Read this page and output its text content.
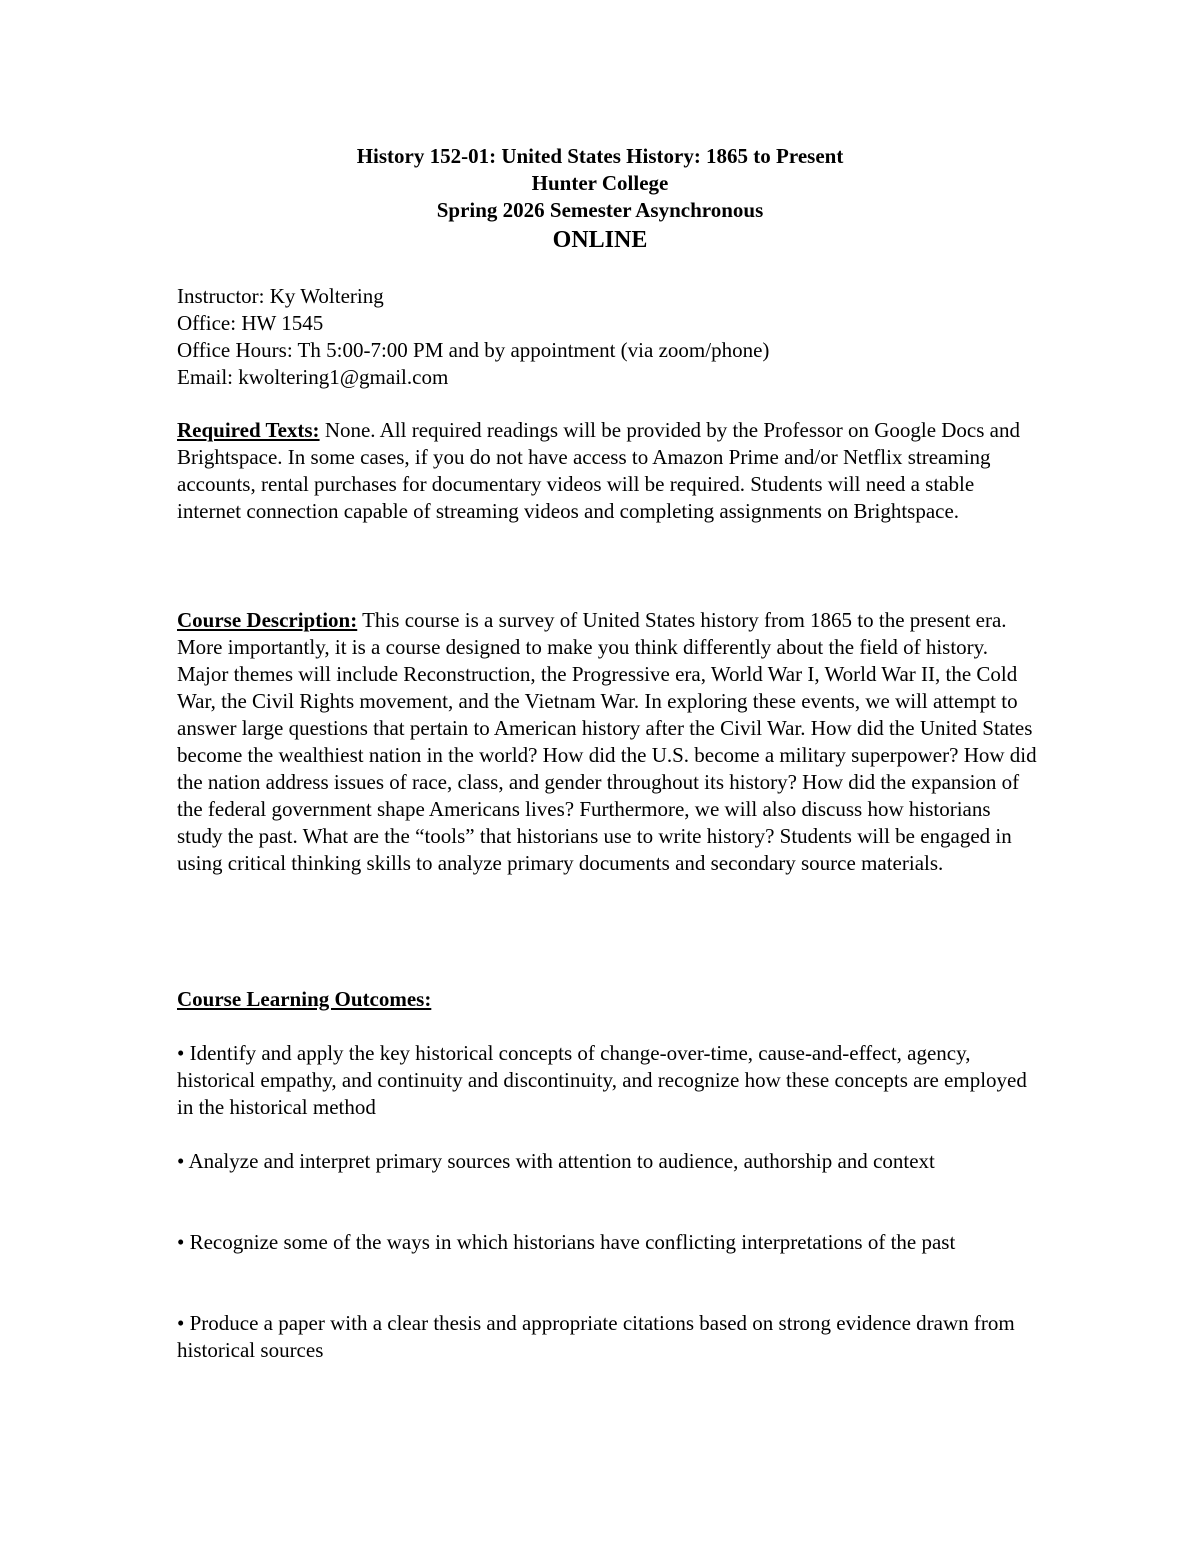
History 152-01: United States History: 1865 to Present
Hunter College
Spring 2026 Semester Asynchronous
ONLINE

Instructor: Ky Woltering

Office: HW 1545

Office Hours: Th 5:00-7:00 PM and by appointment (via zoom/phone)

Email: kwoltering1@gmail.com

Required Texts: None. All required readings will be provided by the Professor on Google Docs and Brightspace. In some cases, if you do not have access to Amazon Prime and/or Netflix streaming accounts, rental purchases for documentary videos will be required. Students will need a stable internet connection capable of streaming videos and completing assignments on Brightspace.

Course Description: This course is a survey of United States history from 1865 to the present era. More importantly, it is a course designed to make you think differently about the field of history. Major themes will include Reconstruction, the Progressive era, World War I, World War II, the Cold War, the Civil Rights movement, and the Vietnam War. In exploring these events, we will attempt to answer large questions that pertain to American history after the Civil War. How did the United States become the wealthiest nation in the world? How did the U.S. become a military superpower? How did the nation address issues of race, class, and gender throughout its history? How did the expansion of the federal government shape Americans lives? Furthermore, we will also discuss how historians study the past. What are the “tools” that historians use to write history? Students will be engaged in using critical thinking skills to analyze primary documents and secondary source materials.

Course Learning Outcomes:

• Identify and apply the key historical concepts of change-over-time, cause-and-effect, agency, historical empathy, and continuity and discontinuity, and recognize how these concepts are employed in the historical method

• Analyze and interpret primary sources with attention to audience, authorship and context

• Recognize some of the ways in which historians have conflicting interpretations of the past

• Produce a paper with a clear thesis and appropriate citations based on strong evidence drawn from historical sources
